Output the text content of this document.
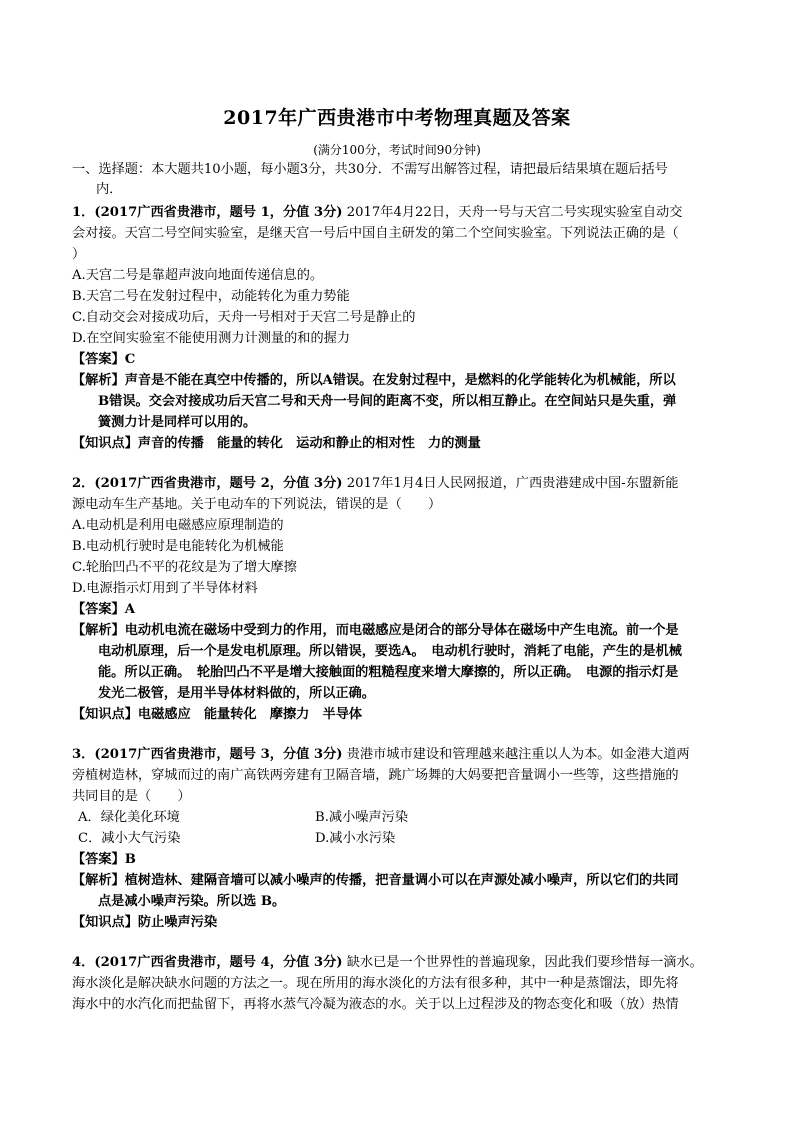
2017年广西贵港市中考物理真题及答案
(满分100分，考试时间90分钟)
一、选择题：本大题共10小题，每小题3分，共30分．不需写出解答过程，请把最后结果填在题后括号
内．
1．(2017广西省贵港市，题号 1，分值 3分) 2017年4月22日，天舟一号与天宫二号实现实验室自动交
会对接。天宫二号空间实验室，是继天宫一号后中国自主研发的第二个空间实验室。下列说法正确的是（
）
A.天宫二号是靠超声波向地面传递信息的。
B.天宫二号在发射过程中，动能转化为重力势能
C.自动交会对接成功后，天舟一号相对于天宫二号是静止的
D.在空间实验室不能使用测力计测量的和的握力
【答案】C
【解析】声音是不能在真空中传播的，所以A错误。在发射过程中，是燃料的化学能转化为机械能，所以
B错误。交会对接成功后天宫二号和天舟一号间的距离不变，所以相互静止。在空间站只是失重，弹
簧测力计是同样可以用的。
【知识点】声音的传播　能量的转化　运动和静止的相对性　力的测量
2．(2017广西省贵港市，题号 2，分值 3分) 2017年1月4日人民网报道，广西贵港建成中国-东盟新能
源电动车生产基地。关于电动车的下列说法，错误的是（　　）
A.电动机是利用电磁感应原理制造的
B.电动机行驶时是电能转化为机械能
C.轮胎凹凸不平的花纹是为了增大摩擦
D.电源指示灯用到了半导体材料
【答案】A
【解析】电动机电流在磁场中受到力的作用，而电磁感应是闭合的部分导体在磁场中产生电流。前一个是
电动机原理，后一个是发电机原理。所以错误，要选A。　电动机行驶时，消耗了电能，产生的是机械
能。所以正确。　轮胎凹凸不平是增大接触面的粗糙程度来增大摩擦的，所以正确。　电源的指示灯是
发光二极管，是用半导体材料做的，所以正确。
【知识点】电磁感应　能量转化　摩擦力　半导体
3．(2017广西省贵港市，题号 3，分值 3分) 贵港市城市建设和管理越来越注重以人为本。如金港大道两
旁植树造林，穿城而过的南广高铁两旁建有卫隔音墙，跳广场舞的大妈要把音量调小一些等，这些措施的
共同目的是（　　）
A．绿化美化环境	B.减小噪声污染
C．减小大气污染	D.减小水污染
【答案】B
【解析】植树造林、建隔音墙可以减小噪声的传播，把音量调小可以在声源处减小噪声，所以它们的共同
点是减小噪声污染。所以选 B。
【知识点】防止噪声污染
4．(2017广西省贵港市，题号 4，分值 3分) 缺水已是一个世界性的普遍现象，因此我们要珍惜每一滴水。
海水淡化是解决缺水问题的方法之一。现在所用的海水淡化的方法有很多种，其中一种是蒸馏法，即先将
海水中的水汽化而把盐留下，再将水蒸气冷凝为液态的水。关于以上过程涉及的物态变化和吸（放）热情
